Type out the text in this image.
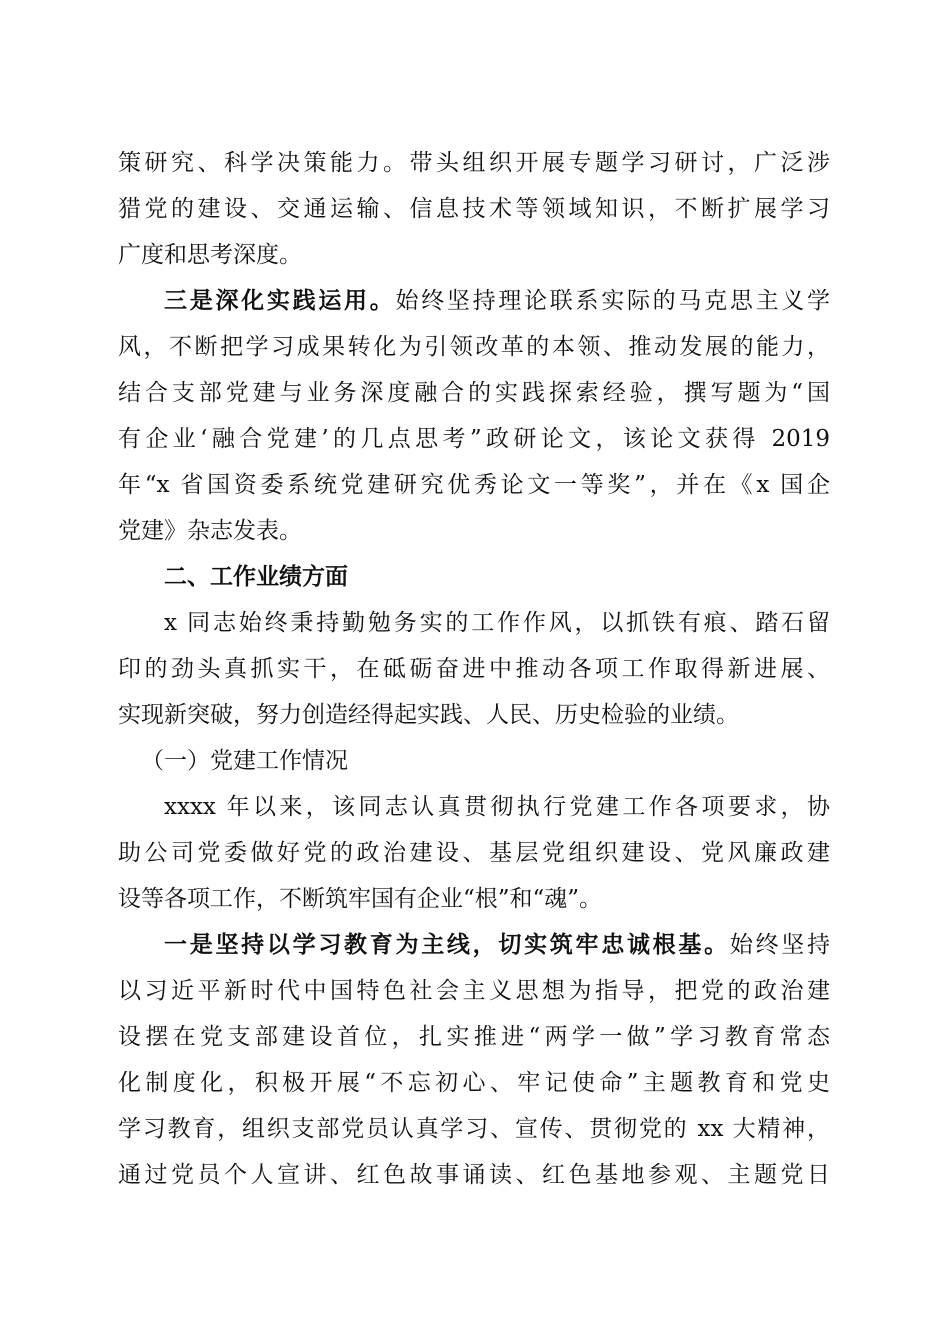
策研究、科学决策能力。带头组织开展专题学习研讨，广泛涉
猎党的建设、交通运输、信息技术等领域知识，不断扩展学习
广度和思考深度。
三是深化实践运用。始终坚持理论联系实际的马克思主义学
风，不断把学习成果转化为引领改革的本领、推动发展的能力，
结合支部党建与业务深度融合的实践探索经验，撰写题为“国
有企业‘融合党建’的几点思考”政研论文，该论文获得 2019
年“x 省国资委系统党建研究优秀论文一等奖”，并在《x 国企
党建》杂志发表。
二、工作业绩方面
x 同志始终秉持勤勉务实的工作作风，以抓铁有痕、踏石留
印的劲头真抓实干，在砥砺奋进中推动各项工作取得新进展、
实现新突破，努力创造经得起实践、人民、历史检验的业绩。
（一）党建工作情况
xxxx 年以来，该同志认真贯彻执行党建工作各项要求，协
助公司党委做好党的政治建设、基层党组织建设、党风廉政建
设等各项工作，不断筑牢国有企业“根”和“魂”。
一是坚持以学习教育为主线，切实筑牢忠诚根基。始终坚持
以习近平新时代中国特色社会主义思想为指导，把党的政治建
设摆在党支部建设首位，扎实推进“两学一做”学习教育常态
化制度化，积极开展“不忘初心、牢记使命”主题教育和党史
学习教育，组织支部党员认真学习、宣传、贯彻党的 xx 大精神，
通过党员个人宣讲、红色故事诵读、红色基地参观、主题党日
